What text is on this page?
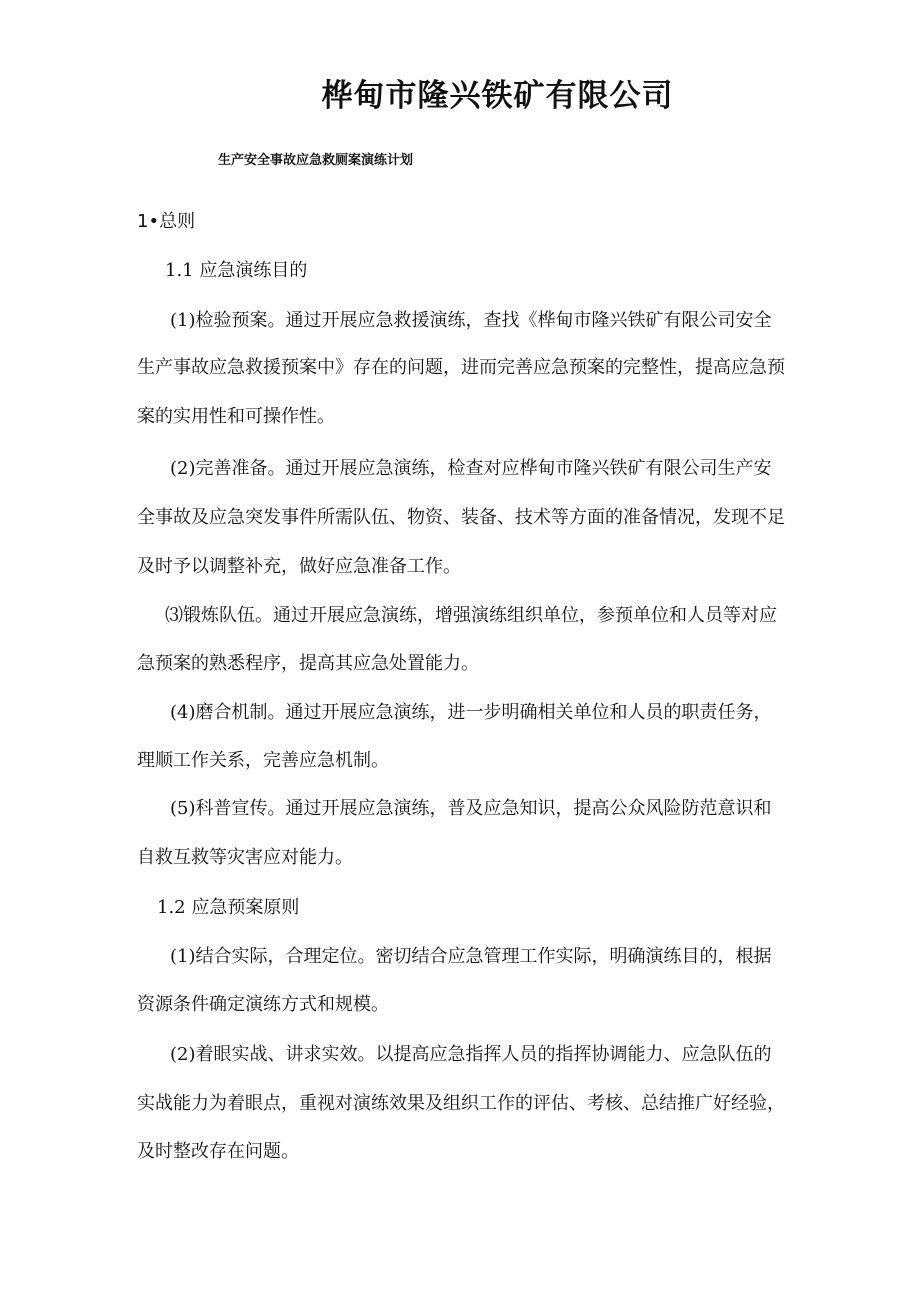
桦甸市隆兴铁矿有限公司
生产安全事故应急救厕案演练计划
1•总则
1.1 应急演练目的
(1)检验预案。通过开展应急救援演练，查找《桦甸市隆兴铁矿有限公司安全
生产事故应急救援预案中》存在的问题，进而完善应急预案的完整性，提高应急预
案的实用性和可操作性。
(2)完善准备。通过开展应急演练，检查对应桦甸市隆兴铁矿有限公司生产安
全事故及应急突发事件所需队伍、物资、装备、技术等方面的准备情况，发现不足
及时予以调整补充，做好应急准备工作。
⑶锻炼队伍。通过开展应急演练，增强演练组织单位，参预单位和人员等对应
急预案的熟悉程序，提高其应急处置能力。
(4)磨合机制。通过开展应急演练，进一步明确相关单位和人员的职责任务，
理顺工作关系，完善应急机制。
(5)科普宣传。通过开展应急演练，普及应急知识，提高公众风险防范意识和
自救互救等灾害应对能力。
1.2 应急预案原则
(1)结合实际，合理定位。密切结合应急管理工作实际，明确演练目的，根据
资源条件确定演练方式和规模。
(2)着眼实战、讲求实效。以提高应急指挥人员的指挥协调能力、应急队伍的
实战能力为着眼点，重视对演练效果及组织工作的评估、考核、总结推广好经验，
及时整改存在问题。
